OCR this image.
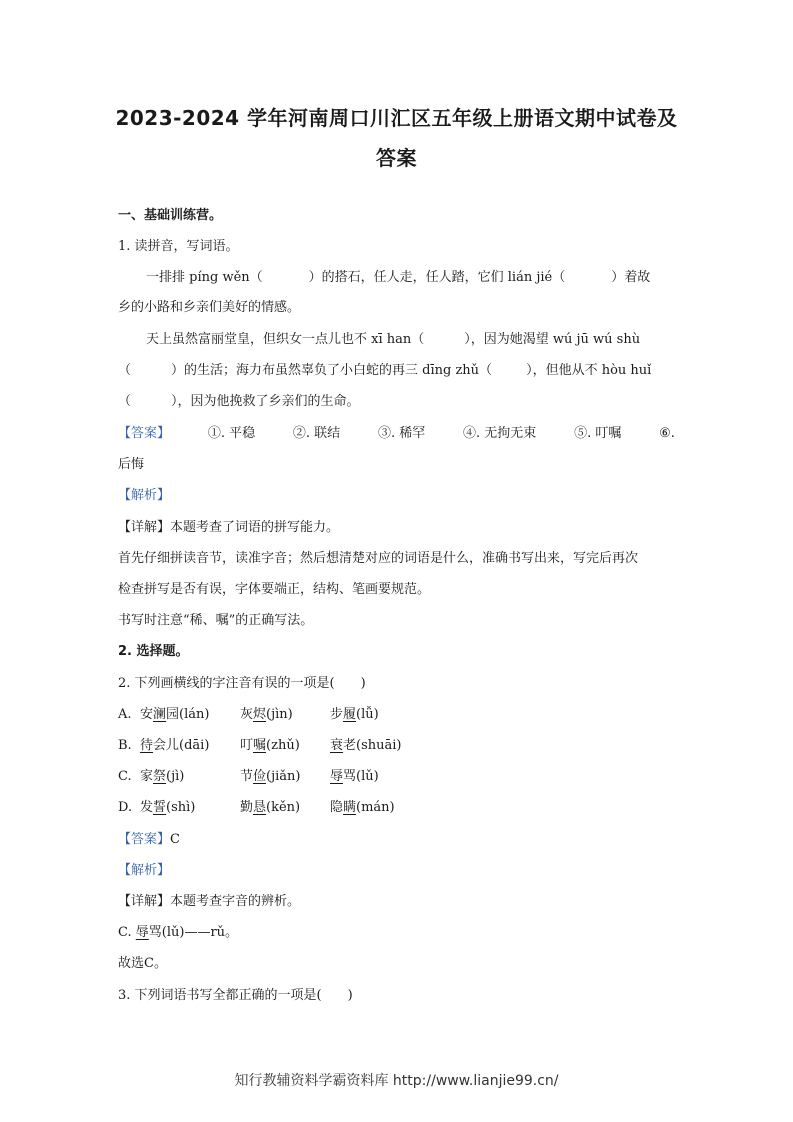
2023-2024 学年河南周口川汇区五年级上册语文期中试卷及
答案
一、基础训练营。
1. 读拼音，写词语。
一排排 píng wěn（	）的搭石，任人走，任人踏，它们 lián jié（	）着故
乡的小路和乡亲们美好的情感。
天上虽然富丽堂皇，但织女一点儿也不 xī han（	），因为她渴望 wú jū wú shù
（	）的生活；海力布虽然辜负了小白蛇的再三 dīng zhǔ（	），但他从不 hòu huǐ
（	），因为他挽救了乡亲们的生命。
【答案】	①. 平稳	②. 联结	③. 稀罕	④. 无拘无束	⑤. 叮嘱	⑥.
后悔
【解析】
【详解】本题考查了词语的拼写能力。
首先仔细拼读音节，读准字音；然后想清楚对应的词语是什么，准确书写出来，写完后再次
检查拼写是否有误，字体要端正，结构、笔画要规范。
书写时注意“稀、嘱”的正确写法。
2. 选择题。
2. 下列画横线的字注音有误的一项是(　　)
A. 安澜园(lán) 灰烬(jìn)	步履(lǚ)
B. 待会儿(dāi) 叮嘱(zhǔ) 衰老(shuāi)
C. 家祭(jì)	节俭(jiǎn) 辱骂(lǔ)
D. 发誓(shì)	勤恳(kěn) 隐瞒(mán)
【答案】C
【解析】
【详解】本题考查字音的辨析。
C. 辱骂(lǔ)——rǔ。
故选C。
3. 下列词语书写全都正确的一项是(　　)
知行教辅资料学霸资料库 http://www.lianjie99.cn/
